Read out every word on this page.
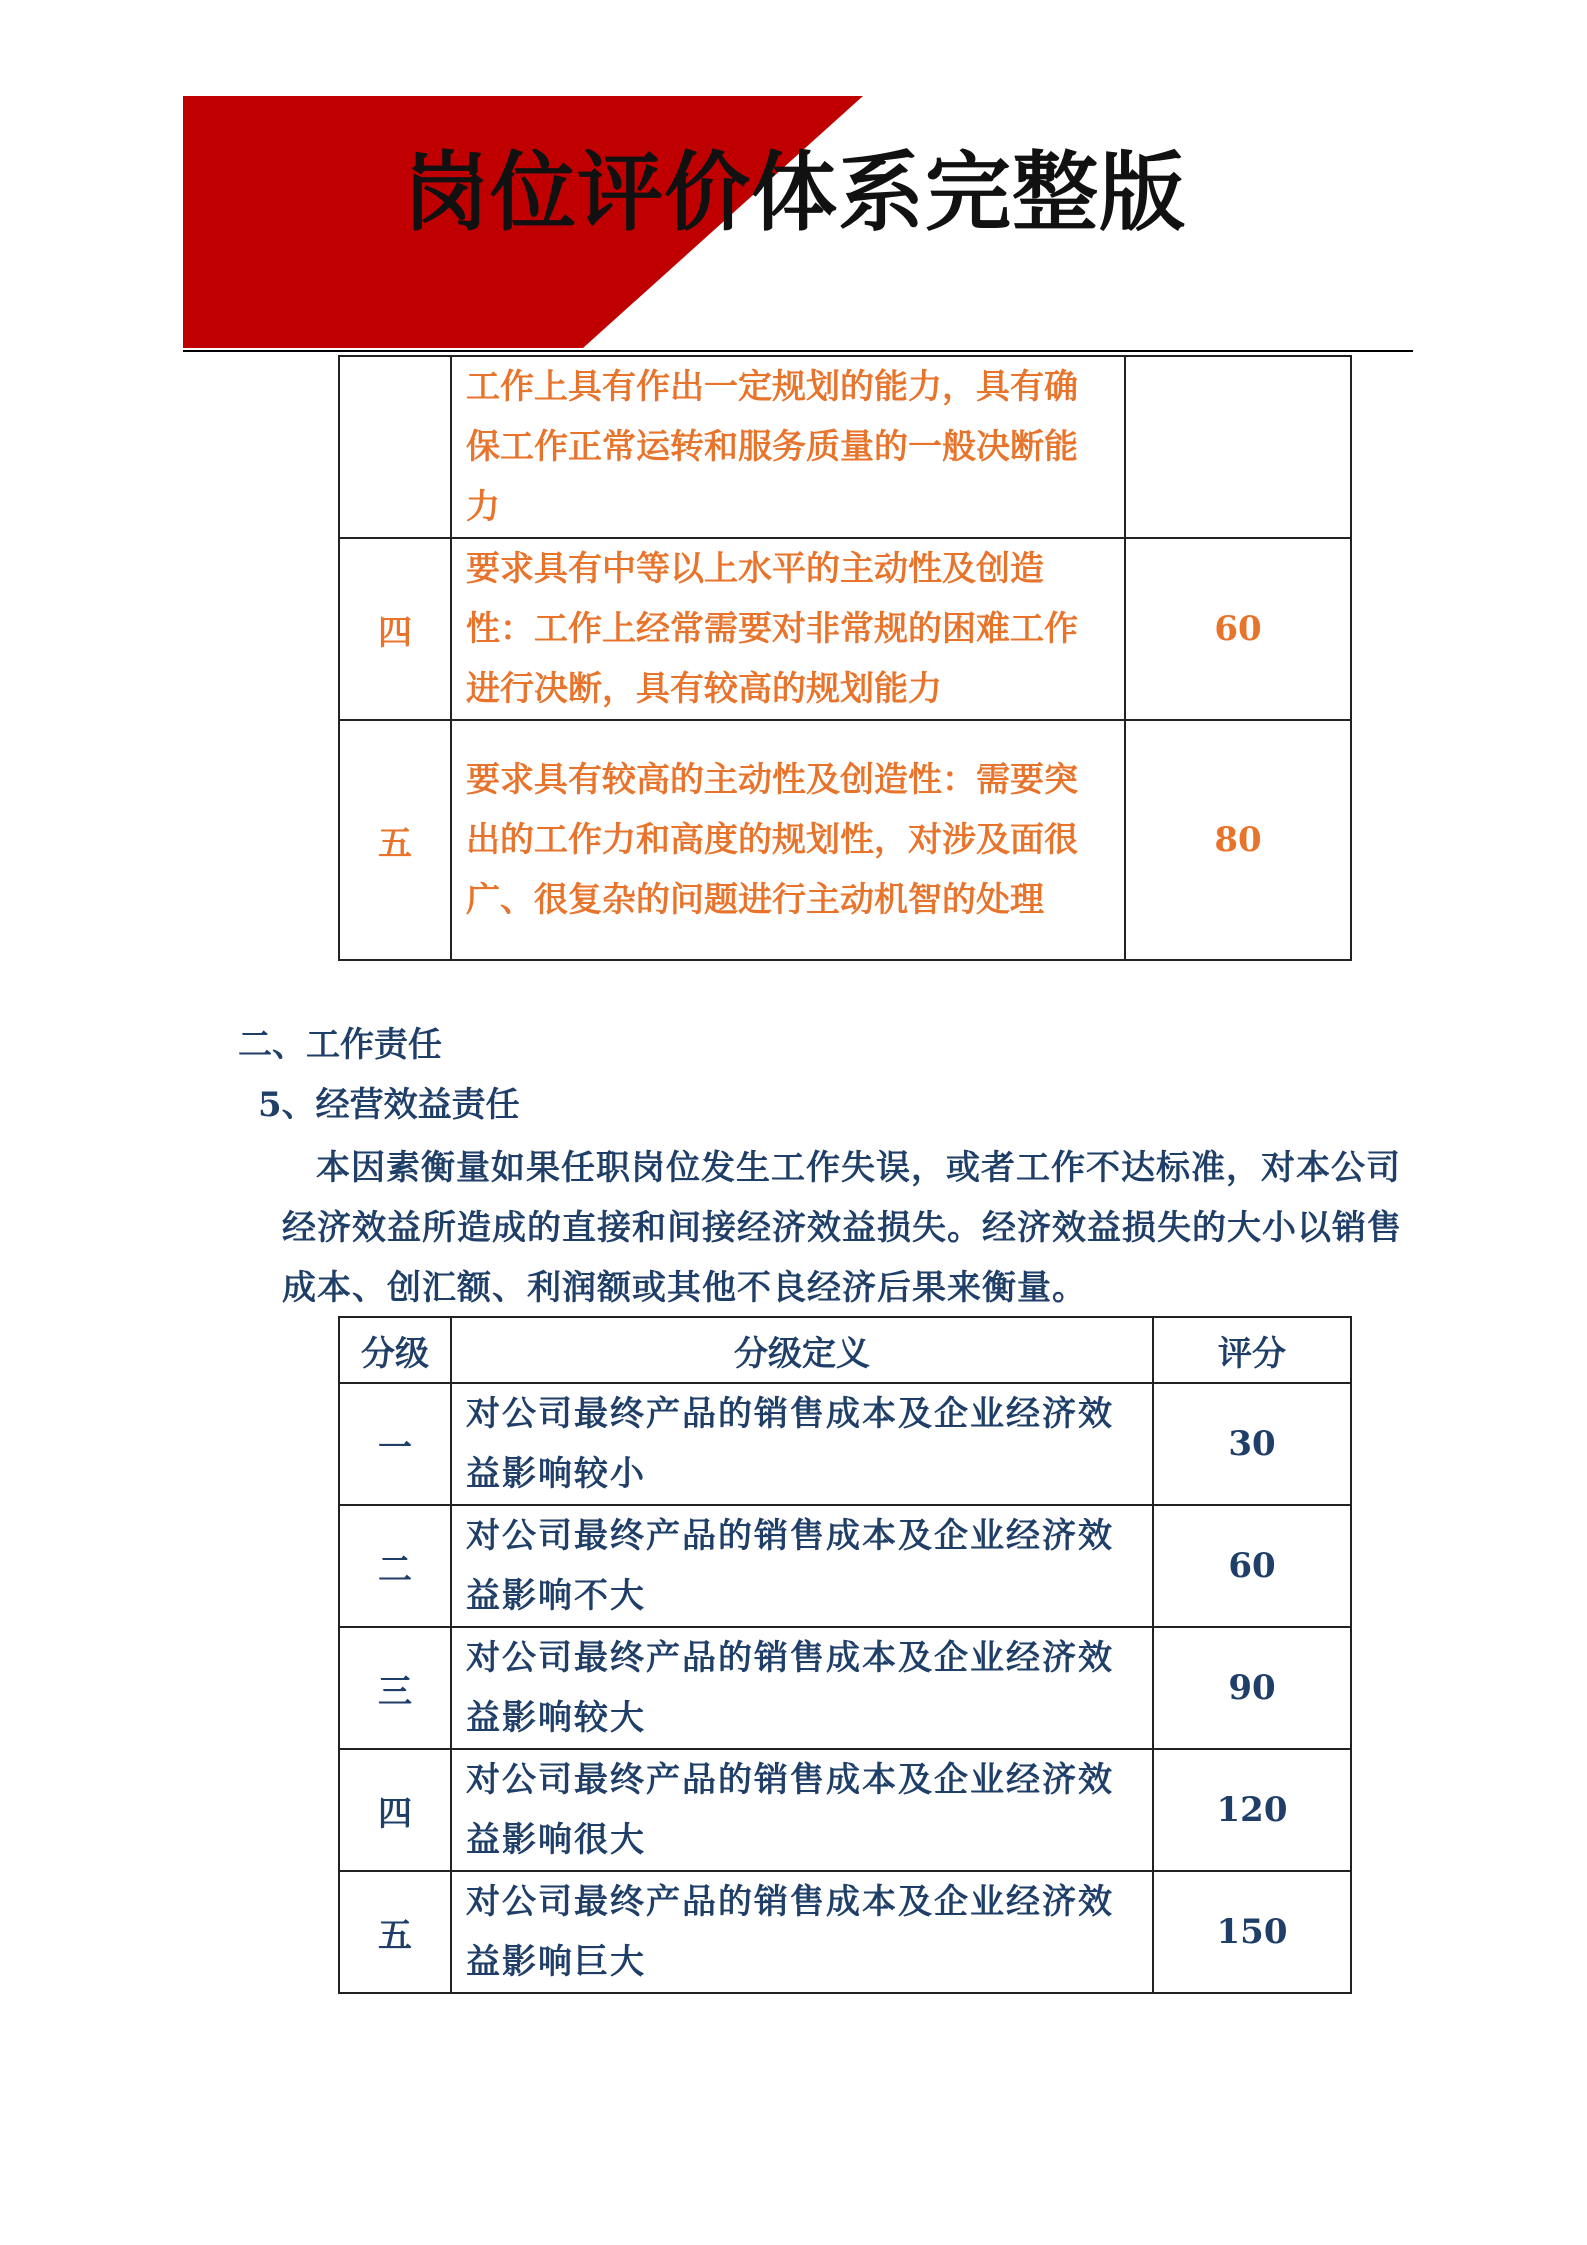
岗位评价体系完整版
	工作上具有作出一定规划的能力，具有确保工作正常运转和服务质量的一般决断能力	
四	要求具有中等以上水平的主动性及创造性：工作上经常需要对非常规的困难工作进行决断，具有较高的规划能力	60
五	要求具有较高的主动性及创造性：需要突出的工作力和高度的规划性，对涉及面很广、很复杂的问题进行主动机智的处理	80
二、工作责任
5、经营效益责任

本因素衡量如果任职岗位发生工作失误，或者工作不达标准，对本公司经济效益所造成的直接和间接经济效益损失。经济效益损失的大小以销售成本、创汇额、利润额或其他不良经济后果来衡量。

分级	分级定义	评分
一	对公司最终产品的销售成本及企业经济效益影响较小	30
二	对公司最终产品的销售成本及企业经济效益影响不大	60
三	对公司最终产品的销售成本及企业经济效益影响较大	90
四	对公司最终产品的销售成本及企业经济效益影响很大	120
五	对公司最终产品的销售成本及企业经济效益影响巨大	150
